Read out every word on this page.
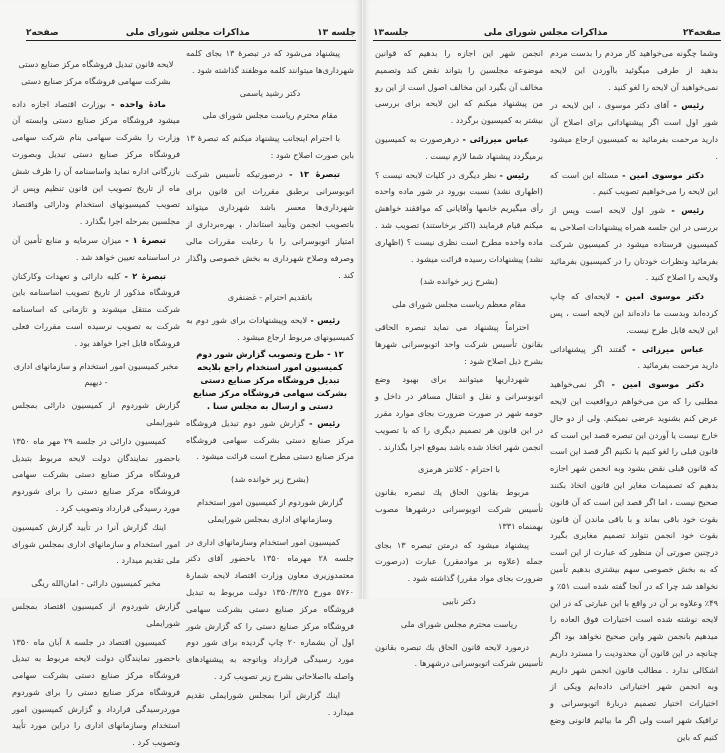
جلسه ۱۳
مذاکرات مجلس شورای ملی
صفحه۲

پیشنهاد می‌شود که در تبصرهٔ ۱۳ بجای کلمه شهرداری‌ها میتوانند کلمه موظفند گذاشته شود .

دکتر رشید یاسمی

مقام محترم ریاست مجلس شورای ملی

با احترام اینجانب پیشنهاد میکنم که تبصرهٔ ۱۳ باین صورت اصلاح شود :

تبصرهٔ ۱۳ - درصورتیکه تأسیس شرکت اتوبوسرانی برطبق مقررات این قانون برای شهرداری‌ها معسر باشد شهرداری میتواند باتصویب انجمن وتأیید استاندار ، بهره‌برداری از امتیاز اتوبوسرانی را با رعایت مقررات مالی وصرفه وصلاح شهرداری به بخش خصوصی واگذار کند .

باتقدیم احترام - غضنفری

رئیس - لایحه وپیشنهادات برای شور دوم به کمیسیونهای مربوط ارجاع میشود .

۱۲ - طرح وتصویب گزارش شور دوم کمیسیون امور استخدام راجع بلایحه تبدیل فروشگاه مرکز صنایع دستی بشرکت سهامی فروشگاه مرکز صنایع دستی و ارسال به مجلس سنا .

رئیس - گزارش شور دوم تبدیل فروشگاه مرکز صنایع دستی بشرکت سهامی فروشگاه مرکز صنایع دستی مطرح است قرائت میشود .

(بشرح زیر خوانده شد)

گزارش شوردوم از کمیسیون امور استخدام وسازمانهای اداری بمجلس شورایملی

کمیسیون امور استخدام وسازمانهای اداری در جلسه ۲۸ مهرماه ۱۳۵۰ باحضور آقای دکتر معتمدوزیری معاون وزارت اقتصاد لایحه شمارهٔ ۵۷۶۰ مورخ ۱۳۵۰/۳/۲۵ دولت مربوط به تبدیل فروشگاه مرکز صنایع دستی بشرکت سهامی فروشگاه مرکز صنایع دستی را که گزارش شور اول آن بشماره ۲۰ چاپ گردیده برای شور دوم مورد رسیدگی قرارداد وباتوجه به پیشنهادهای واصله بااصلاحاتی بشرح زیر تصویب کرد .

اینك گزارش آنرا بمجلس شورایملی تقدیم میدارد .

لایحه قانون تبدیل فروشگاه مرکز صنایع دستی بشرکت سهامی فروشگاه مرکز صنایع دستی

مادهٔ واحده - بوزارت اقتصاد اجازه داده میشود فروشگاه مرکز صنایع دستی وابسته آن وزارت را بشرکت سهامی بنام شرکت سهامی فروشگاه مرکز صنایع دستی تبدیل وبصورت بازرگانی اداره نماید واساسنامه آن را ظرف شش ماه از تاریخ تصویب این قانون تنظیم وپس از تصویب کمیسیونهای استخدام ودارائی واقتصاد مجلسین بمرحله اجرا بگذارد .

تبصرهٔ ۱ - میزان سرمایه و منابع تأمین آن در اساسنامه تعیین خواهد شد .

تبصرهٔ ۲ - کلیه دارائی و تعهدات وکارکنان فروشگاه مذکور از تاریخ تصویب اساسنامه باین شرکت منتقل میشوند و تازمانی که اساسنامه شرکت به تصویب نرسیده است مقررات فعلی فروشگاه قابل اجرا خواهد بود .

مخبر کمیسیون امور استخدام و سازمانهای اداری - دیهیم

گزارش شوردوم از کمیسیون دارائی بمجلس شورایملی

کمیسیون دارائی در جلسه ۲۹ مهر ماه ۱۳۵۰ باحضور نمایندگان دولت لایحه مربوط بتبدیل فروشگاه مرکز صنایع دستی بشرکت سهامی فروشگاه مرکز صنایع دستی را برای شوردوم مورد رسیدگی قرارداد وتصویب کرد .

اینك گزارش آنرا در تأیید گزارش کمیسیون امور استخدام و سازمانهای اداری بمجلس شورای ملی تقدیم میدارد .

مخبر کمیسیون دارائی - امان‌الله ریگی

گزارش شوردوم از کمیسیون اقتصاد بمجلس شورایملی

کمیسیون اقتصاد در جلسه ۸ آبان ماه ۱۳۵۰ باحضور نمایندگان دولت لایحه مربوط به تبدیل فروشگاه مرکز صنایع دستی بشرکت سهامی فروشگاه مرکز صنایع دستی را برای شوردوم موردرسیدگی قرارداد و گزارش کمیسیون امور استخدام وسازمانهای اداری را دراین مورد تأیید وتصویب کرد .

صفحه۲۴
مذاکرات مجلس شورای ملی
جلسه۱۳

وشما چگونه می‌خواهید کار مردم را بدست مردم بدهید از طرفی میگوئید باآوردن این لایحه نمی‌خواهید آن لایحه را لغو کنید .

رئیس - آقای دکتر موسوی ، این لایحه در شور اول است اگر پیشنهاداتی برای اصلاح آن دارید مرحمت بفرمائید به کمیسیون ارجاع میشود .

دکتر موسوی امین - مسئله این است که این لایحه را می‌خواهیم تصویب کنیم .

رئیس - شور اول لایحه است وپس از بررسی در این جلسه همراه پیشنهادات اصلاحی به کمیسیون فرستاده میشود در کمیسیون شرکت بفرمائید ونظرات خودتان را در کمیسیون بفرمائید ولایحه را اصلاح کنید .

دکتر موسوی امین - لایحه‌ای که چاپ کرده‌اند وبدست ما داده‌اند این لایحه است ، پس این لایحه قابل طرح نیست.

عباس میرزائی - گفتند اگر پیشنهاداتی دارید مرحمت بفرمائید .

دکتر موسوی امین - اگر نمی‌خواهید مطلبی را که من می‌خواهم درواقعیت این لایحه عرض کنم بشنوید عرضی نمیکنم. ولی از دو حال خارج نیست یا آوردن این تبصره قصد این است که قانون قبلی را لغو کنیم یا نکنیم اگر قصد این است که قانون قبلی نقض بشود وبه انجمن شهر اجازه بدهیم که تصمیمات مغایر این قانون اتخاذ بکنند صحیح نیست ، اما اگر قصد این است که آن قانون بقوت خود باقی بماند و با باقی ماندن آن قانون بقوت خود انجمن نتواند تصمیم مغایری بگیرد درچنین صورتی آن منظور که عبارت از این است که به بخش خصوصی سهم بیشتری بدهیم تأمین نخواهد شد چرا که در آنجا گفته شده است ۵۱٪ و ۴۹٪ وعلاوه بر آن در واقع با این عبارتی که در این لایحه نوشته شده است اختیارات فوق العاده را میدهیم بانجمن شهر واین صحیح نخواهد بود اگر چنانچه در این قانون آن محدودیت را مسترد داریم اشکالی ندارد . مطالب قانون انجمن شهر داریم وبه انجمن شهر اختیاراتی داده‌ایم ویکی از اختیارات اختیار تصمیم دربارهٔ اتوبوسرانی و ترافیک شهر است ولی اگر ما بیائیم قانونی وضع کنیم که باین

انجمن شهر این اجازه را بدهیم که قوانین موضوعه مجلسین را بتواند نقض کند وتصمیم مخالف آن بگیرد این مخالف اصول است از این رو من پیشنهاد میکنم که این لایحه برای بررسی بیشتر به کمیسیون برگردد .

عباس میرزائی - درهرصورت به کمیسیون برمیگردد پیشنهاد شما لازم نیست .

رئیس - نظر دیگری در کلیات لایحه نیست ؟ (اظهاری نشد) نسبت بورود در شور ماده واحده رأی میگیریم خانمها وآقایانی که موافقند خواهش میکنم قیام فرمایند (اکثر برخاستند) تصویب شد . ماده واحده مطرح است نظری نیست ؟ (اظهاری نشد) پیشنهادات رسیده قرائت میشود .

(بشرح زیر خوانده شد)

مقام معظم ریاست مجلس شورای ملی

احتراماً پیشنهاد می نماید تبصره الحاقی بقانون تأسیس شرکت واحد اتوبوسرانی شهرها بشرح ذیل اصلاح شود :

شهرداریها میتوانند برای بهبود وضع اتوبوسرانی و نقل و انتقال مسافر در داخل و حومه شهر در صورت ضرورت بجای موارد مقرر در این قانون هر تصمیم دیگری را که با تصویب انجمن شهر اتخاذ شده باشد بموقع اجرا بگذارند .

با احترام - کلانتر هرمزی

مربوط بقانون الحاق یك تبصره بقانون تأسیس شرکت اتوبوسرانی درشهرها مصوب بهمنماه ۱۳۳۱

پیشنهاد میشود که درمتن تبصره ۱۳ بجای جمله (علاوه بر موادمقرر) عبارت (درصورت ضرورت بجای مواد مقرر) گذاشته شود .

دکتر نابیی

ریاست محترم مجلس شورای ملی

درمورد لایحه قانون الحاق یك تبصره بقانون تأسیس شرکت اتوبوسرانی درشهرها .
